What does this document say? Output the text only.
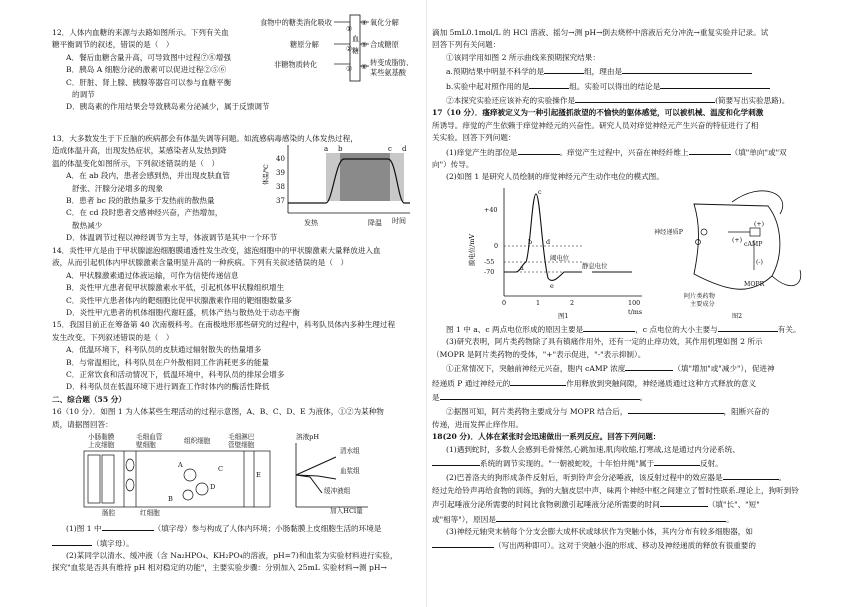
12．人体内血糖的来源与去路如图所示。下列有关血

糖平衡调节的叙述，错误的是（　）

A．餐后血糖含量升高，可导致图中过程⑦⑧增强

B．胰岛 A 细胞分泌的激素可以促进过程②⑤⑥

C．肝脏、肾上腺、胰腺等器官可以参与血糖平衡

的调节

D．胰岛素的作用结果会导致胰岛素分泌减少，属于反馈调节

食物中的糖类消化吸收
糖原分解
非糖物质转化
氧化分解
合成糖原
转变成脂肪、
某些氨基酸
①
②
③
④
⑤
⑥
血
糖

13．大多数发生于下丘脑的疾病都会有体温失调等问题。如流感病毒感染的人体发热过程，

造成体温升高，出现发热症状，某感染者从发热到降

温的体温变化如图所示，下列叙述错误的是（　）

A．在 ab 段内，患者会感到热，并出现皮肤血管

舒张、汗腺分泌增多的现象

B．患者 bc 段的散热量多于发热前的散热量

C．在 cd 段时患者交感神经兴奋，产热增加，

散热减少

D．体温调节过程以神经调节为主导，体液调节是其中一个环节

a b	c d
40
39
38
37
发热	降温 时间
体温/℃

14．炎性甲亢是由于甲状腺滤泡细胞膜通透性发生改变，滤泡细胞中的甲状腺激素大量释放进入血

液，从而引起机体内甲状腺激素含量明显升高的一种疾病。下列有关叙述错误的是（　）

A．甲状腺激素通过体液运输，可作为信使传递信息

B．炎性甲亢患者促甲状腺激素水平低，引起机体甲状腺组织增生

C．炎性甲亢患者体内的靶细胞比促甲状腺激素作用的靶细胞数量多

D．炎性甲亢患者的机体细胞代谢旺盛，机体产热与散热处于动态平衡

15．我国目前正在筹备第 40 次南极科考。在南极地形那些研究的过程中，科考队员体内多种生理过程

发生改变。下列叙述错误的是（　）

A．低温环境下，科考队员的皮肤通过辐射散失的热量增多

B．与常温相比，科考队员在户外散相同工作消耗更多的能量

C．正常饮食和活动情况下，低温环境中，科考队员的排尿会增多

D．科考队员在低温环境下进行调查工作时体内的酶活性降低

二、综合题（55 分）

16（10 分）．如图 1 为人体某些生理活动的过程示意图，A、B、C、D、E 为液体，①②为某种物

质，请据图回答：

小肠黏膜
上皮细胞
毛细血管
壁细胞	组织细胞	毛细淋巴
管壁细胞
溶液pH
肠腔	红细胞
清水组
血浆组
缓冲液组
加入HCl量
A
B
C
D
E

(1)图 1 中	（填字母）参与构成了人体内环境；小肠黏膜上皮细胞生活的环境是

（填字母）。

(2)某同学以清水、缓冲液（含 Na₂HPO₄、KH₂PO₄的溶液，pH=7)和血浆为实验材料进行实验，

探究"血浆是否具有维持 pH 相对稳定的功能"，主要实验步骤：分别加入 25mL 实验材料→测 pH→

滴加 5mL0.1mol/L 的 HCl 溶液、摇匀→测 pH→倒去烧杯中溶液后充分冲洗→重复实验并记录。试

回答下列有关问题：

①该同学用如图 2 所示曲线来预期探究结果：

a.预期结果中明显不科学的是	组，理由是

b.实验中起对照作用的是	组。实验可以得出的结论是

②本探究实验还应该补充的实验操作是	(简要写出实验思路)。

17（10 分）．瘙痒被定义为一种引起搔抓欲望的不愉快的躯体感觉，可以被机械、温度和化学刺激

所诱导。痒觉的产生依赖于痒觉神经元的兴奋性。研究人员对痒觉神经元产生兴奋的特征进行了相

关实验。回答下列问题：

(1)痒觉产生的部位是	。痒觉产生过程中，兴奋在神经纤维上	（填"单向"或"双

向"）传导。

(2)如图 1 是研究人员绘制的痒觉神经元产生动作电位的模式图。

+40
0
-55
-70
0	1	2	100
t/ms
阈电位
静息电位
a
b
c
d
e
图1
膜电位/mV
神经递质P
cAMP
MOPR
阿片类药物
主要成分
(+)
(+)
(-)
图2

图 1 中 a、c 两点电位形成的原因主要是	，c 点电位的大小主要与	有关。

(3)研究表明，阿片类药物除了具有镇痛作用外，还有一定的止痒功效，其作用机理如图 2 所示

（MOPR 是阿片类药物的受体，"+"表示促进，"-"表示抑制）。

①正常情况下，突触前神经元兴奋，胞内 cAMP 浓度	（填"增加"或"减少"），促进神

经递质 P 通过神经元的	作用释放到突触间隙，神经递质通过这种方式释放的意义

是	。

②据图可知，阿片类药物主要成分与 MOPR 结合后，	，阻断兴奋的

传递，进而发挥止痒作用。

18(20 分)．人体在紧张时会迅速做出一系列反应。回答下列问题：

(1)遇到蛇时，多数人会感到毛骨悚然,心跳加速,肌肉收缩,打寒战,这是通过内分泌系统、

系统的调节实现的。"一朝被蛇咬，十年怕井绳"属于	反射。

(2)巴普洛夫的狗形成条件反射后，听到铃声会分泌唾液，该反射过程中的效应器是	。

经过先给铃声再给食物的训练，狗的大脑皮层中声、味两个神经中枢之间建立了暂时性联系.理论上，狗听到铃

声引起唾液分泌所需要的时间比食物刺激引起唾液分泌所需要的时间	（填"长"、"短"

或"相等"），原因是	。

(3)神经元轴突末梢每个分支会膨大成杯状或球状作为突触小体，其内分布有较多细胞器，如

（写出两种即可）。这对于突触小泡的形成、移动及神经递质的释放有很重要的
